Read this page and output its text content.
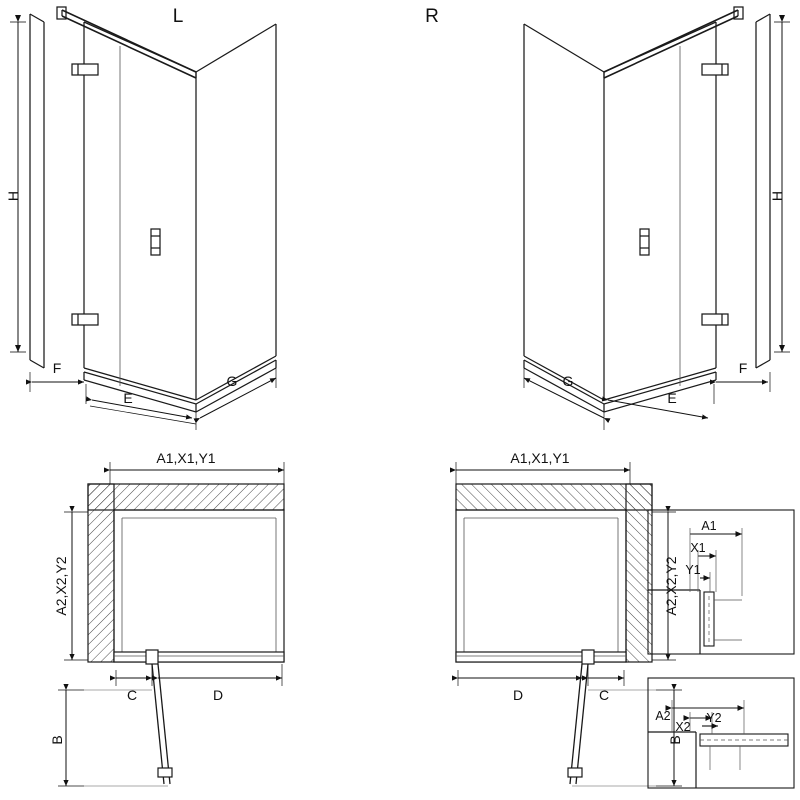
H
F
E
G
L
H
F
E
G
R
A1,X1,Y1
A2,X2,Y2
C	D
B
A1,X1,Y1
A2,X2,Y2
D	C
B
A1
X1
Y1
A2
X2
Y2
